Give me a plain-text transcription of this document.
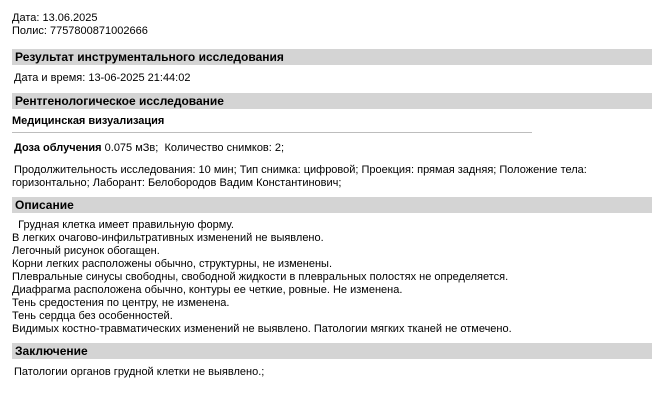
Дата: 13.06.2025
Полис: 7757800871002666
Результат инструментального исследования
Дата и время: 13-06-2025 21:44:02
Рентгенологическое исследование
Медицинская визуализация
Доза облучения 0.075 мЗв; Количество снимков: 2;
Продолжительность исследования: 10 мин; Тип снимка: цифровой; Проекция: прямая задняя; Положение тела:
горизонтально; Лаборант: Белобородов Вадим Константинович;
Описание
Грудная клетка имеет правильную форму.
В легких очагово-инфильтративных изменений не выявлено.
Легочный рисунок обогащен.
Корни легких расположены обычно, структурны, не изменены.
Плевральные синусы свободны, свободной жидкости в плевральных полостях не определяется.
Диафрагма расположена обычно, контуры ее четкие, ровные. Не изменена.
Тень средостения по центру, не изменена.
Тень сердца без особенностей.
Видимых костно-травматических изменений не выявлено. Патологии мягких тканей не отмечено.
Заключение
Патологии органов грудной клетки не выявлено.;
